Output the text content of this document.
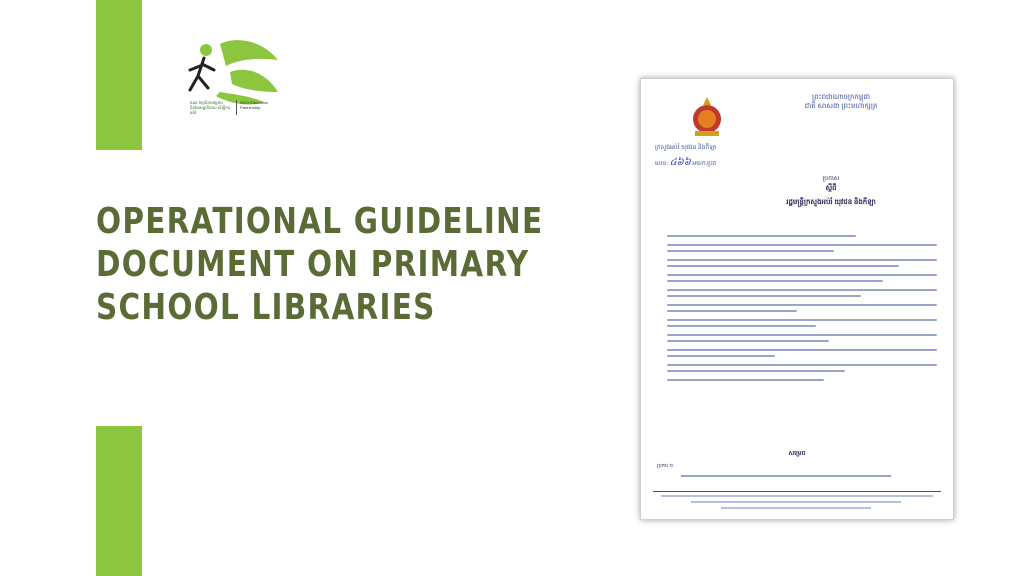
គណៈកម្មាធិការអង្គការមិនមែនរដ្ឋាភិបាល ដើម្បីការអប់រំ
NGO Education Partnership
OPERATIONAL GUIDELINE
DOCUMENT ON PRIMARY
SCHOOL LIBRARIES
ព្រះរាជាណាចក្រកម្ពុជា
ជាតិ សាសនា ព្រះមហាក្សត្រ
ក្រសួងអប់រំ យុវជន និងកីឡា
លេខ: ៤៦៦ អយក.ប្រក
ប្រកាស
ស្តីពី
រដ្ឋមន្ត្រីក្រសួងអប់រំ យុវជន និងកីឡា
សម្រេច
ប្រការ ១.
